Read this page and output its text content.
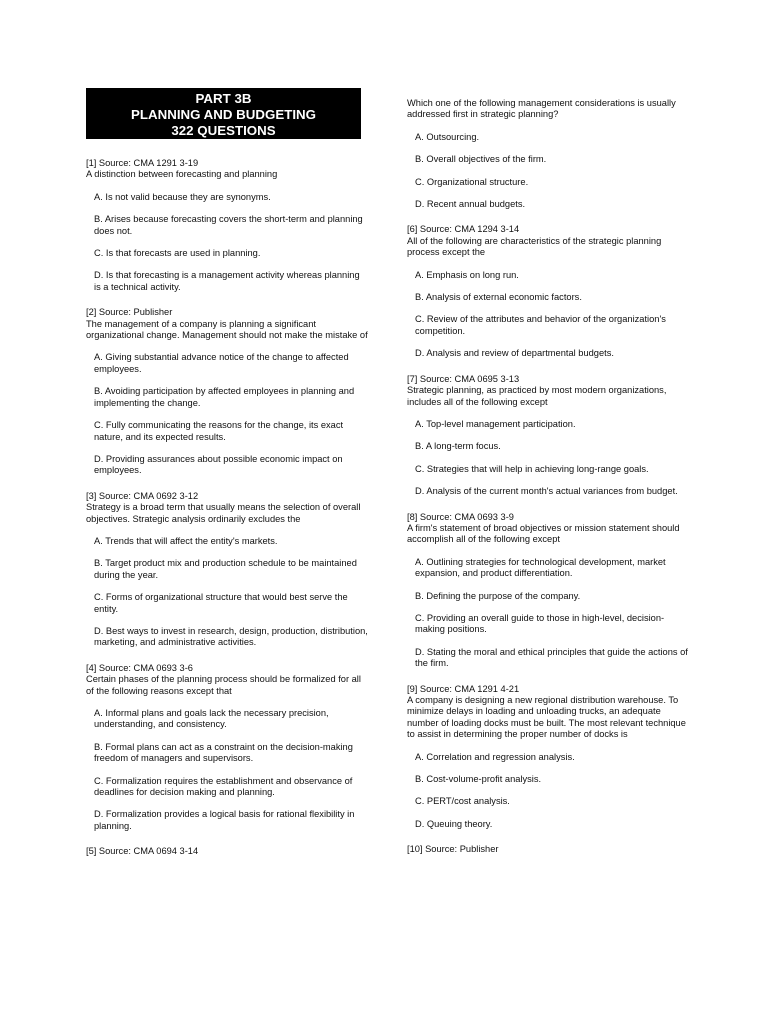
PART 3B
PLANNING AND BUDGETING
322 QUESTIONS
[1] Source: CMA 1291 3-19
A distinction between forecasting and planning
A. Is not valid because they are synonyms.
B. Arises because forecasting covers the short-term and planning does not.
C. Is that forecasts are used in planning.
D. Is that forecasting is a management activity whereas planning is a technical activity.
[2] Source: Publisher
The management of a company is planning a significant organizational change. Management should not make the mistake of
A. Giving substantial advance notice of the change to affected employees.
B. Avoiding participation by affected employees in planning and implementing the change.
C. Fully communicating the reasons for the change, its exact nature, and its expected results.
D. Providing assurances about possible economic impact on employees.
[3] Source: CMA 0692 3-12
Strategy is a broad term that usually means the selection of overall objectives. Strategic analysis ordinarily excludes the
A. Trends that will affect the entity's markets.
B. Target product mix and production schedule to be maintained during the year.
C. Forms of organizational structure that would best serve the entity.
D. Best ways to invest in research, design, production, distribution, marketing, and administrative activities.
[4] Source: CMA 0693 3-6
Certain phases of the planning process should be formalized for all of the following reasons except that
A. Informal plans and goals lack the necessary precision, understanding, and consistency.
B. Formal plans can act as a constraint on the decision-making freedom of managers and supervisors.
C. Formalization requires the establishment and observance of deadlines for decision making and planning.
D. Formalization provides a logical basis for rational flexibility in planning.
[5] Source: CMA 0694 3-14
Which one of the following management considerations is usually addressed first in strategic planning?
A. Outsourcing.
B. Overall objectives of the firm.
C. Organizational structure.
D. Recent annual budgets.
[6] Source: CMA 1294 3-14
All of the following are characteristics of the strategic planning process except the
A. Emphasis on long run.
B. Analysis of external economic factors.
C. Review of the attributes and behavior of the organization's competition.
D. Analysis and review of departmental budgets.
[7] Source: CMA 0695 3-13
Strategic planning, as practiced by most modern organizations, includes all of the following except
A. Top-level management participation.
B. A long-term focus.
C. Strategies that will help in achieving long-range goals.
D. Analysis of the current month's actual variances from budget.
[8] Source: CMA 0693 3-9
A firm's statement of broad objectives or mission statement should accomplish all of the following except
A. Outlining strategies for technological development, market expansion, and product differentiation.
B. Defining the purpose of the company.
C. Providing an overall guide to those in high-level, decision-making positions.
D. Stating the moral and ethical principles that guide the actions of the firm.
[9] Source: CMA 1291 4-21
A company is designing a new regional distribution warehouse. To minimize delays in loading and unloading trucks, an adequate number of loading docks must be built. The most relevant technique to assist in determining the proper number of docks is
A. Correlation and regression analysis.
B. Cost-volume-profit analysis.
C. PERT/cost analysis.
D. Queuing theory.
[10] Source: Publisher
